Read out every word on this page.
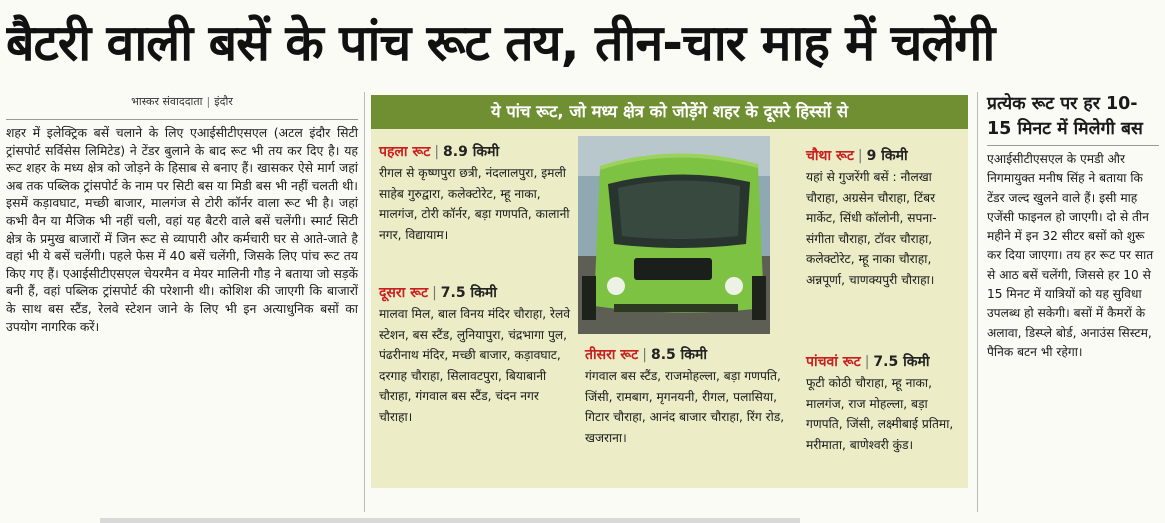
बैटरी वाली बसें के पांच रूट तय, तीन-चार माह में चलेंगी
भास्कर संवाददाता | इंदौर

शहर में इलेक्ट्रिक बसें चलाने के लिए एआईसीटीएसएल (अटल इंदौर सिटी ट्रांसपोर्ट सर्विसेस लिमिटेड) ने टेंडर बुलाने के बाद रूट भी तय कर दिए है। यह रूट शहर के मध्य क्षेत्र को जोड़ने के हिसाब से बनाए हैं। खासकर ऐसे मार्ग जहां अब तक पब्लिक ट्रांसपोर्ट के नाम पर सिटी बस या मिडी बस भी नहीं चलती थी। इसमें कड़ावघाट, मच्छी बाजार, मालगंज से टोरी कॉर्नर वाला रूट भी है। जहां कभी वैन या मैजिक भी नहीं चली, वहां यह बैटरी वाले बसें चलेंगी। स्मार्ट सिटी क्षेत्र के प्रमुख बाजारों में जिन रूट से व्यापारी और कर्मचारी घर से आते-जाते है वहां भी ये बसें चलेंगी। पहले फेस में 40 बसें चलेंगी, जिसके लिए पांच रूट तय किए गए हैं। एआईसीटीएसएल चेयरमैन व मेयर मालिनी गौड़ ने बताया जो सड़कें बनी हैं, वहां पब्लिक ट्रांसपोर्ट की परेशानी थी। कोशिश की जाएगी कि बाजारों के साथ बस स्टैंड, रेलवे स्टेशन जाने के लिए भी इन अत्याधुनिक बसों का उपयोग नागरिक करें।

ये पांच रूट, जो मध्य क्षेत्र को जोड़ेंगे शहर के दूसरे हिस्सों से
पहला रूट | 8.9 किमी
रीगल से कृष्णपुरा छत्री, नंदलालपुरा, इमली साहेब गुरुद्वारा, कलेक्टोरेट, म्हू नाका, मालगंज, टोरी कॉर्नर, बड़ा गणपति, कालानी नगर, विद्यायाम।
दूसरा रूट | 7.5 किमी
मालवा मिल, बाल विनय मंदिर चौराहा, रेलवे स्टेशन, बस स्टैंड, लुनियापुरा, चंद्रभागा पुल, पंढरीनाथ मंदिर, मच्छी बाजार, कड़ावघाट, दरगाह चौराहा, सिलावटपुरा, बियाबानी चौराहा, गंगवाल बस स्टैंड, चंदन नगर चौराहा।
तीसरा रूट | 8.5 किमी
गंगवाल बस स्टैंड, राजमोहल्ला, बड़ा गणपति, जिंसी, रामबाग, मृगनयनी, रीगल, पलासिया, गिटार चौराहा, आनंद बाजार चौराहा, रिंग रोड, खजराना।
चौथा रूट | 9 किमी
यहां से गुजरेंगी बसें : नौलखा चौराहा, अग्रसेन चौराहा, टिंबर मार्केट, सिंधी कॉलोनी, सपना-संगीता चौराहा, टॉवर चौराहा, कलेक्टोरेट, म्हू नाका चौराहा, अन्नपूर्णा, चाणक्यपुरी चौराहा।
पांचवां रूट | 7.5 किमी
फूटी कोठी चौराहा, म्हू नाका, मालगंज, राज मोहल्ला, बड़ा गणपति, जिंसी, लक्ष्मीबाई प्रतिमा, मरीमाता, बाणेश्वरी कुंड।

प्रत्येक रूट पर हर 10-15 मिनट में मिलेगी बस

एआईसीटीएसएल के एमडी और निगमायुक्त मनीष सिंह ने बताया कि टेंडर जल्द खुलने वाले हैं। इसी माह एजेंसी फाइनल हो जाएगी। दो से तीन महीने में इन 32 सीटर बसों को शुरू कर दिया जाएगा। तय हर रूट पर सात से आठ बसें चलेंगी, जिससे हर 10 से 15 मिनट में यात्रियों को यह सुविधा उपलब्ध हो सकेगी। बसों में कैमरों के अलावा, डिस्प्ले बोर्ड, अनाउंस सिस्टम, पैनिक बटन भी रहेगा।
